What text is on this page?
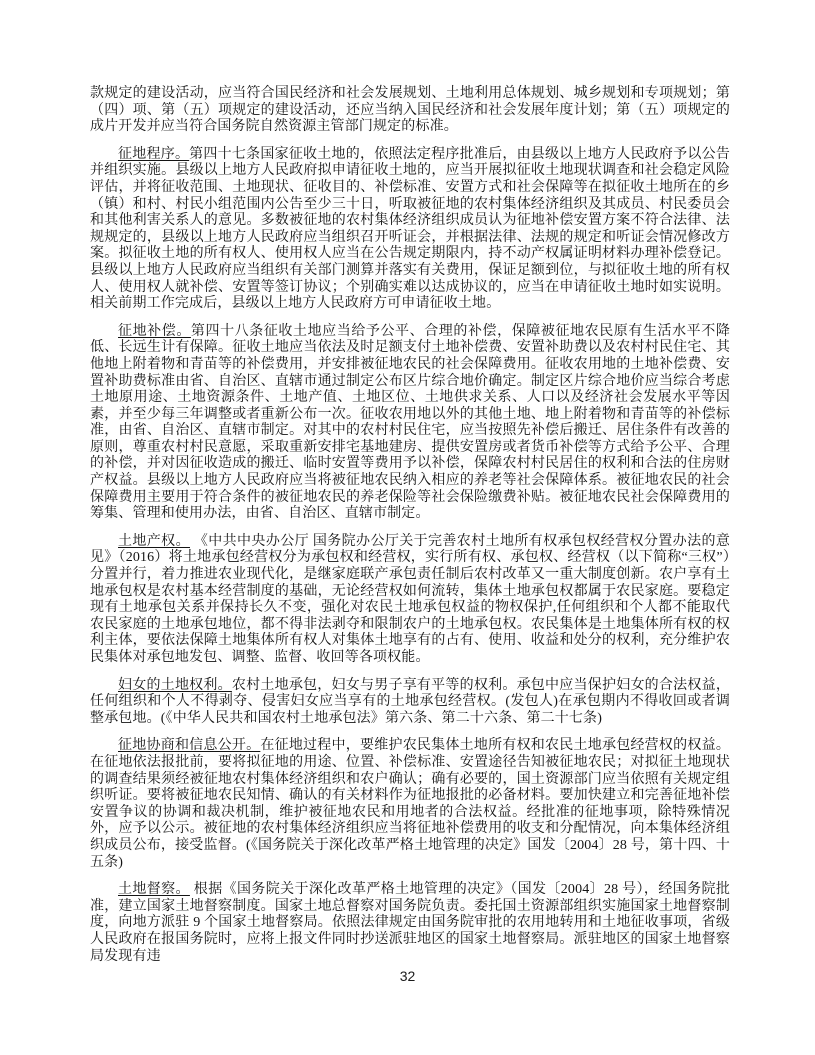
款规定的建设活动，应当符合国民经济和社会发展规划、土地利用总体规划、城乡规划和专项规划；第（四）项、第（五）项规定的建设活动，还应当纳入国民经济和社会发展年度计划；第（五）项规定的成片开发并应当符合国务院自然资源主管部门规定的标准。

征地程序。第四十七条国家征收土地的，依照法定程序批准后，由县级以上地方人民政府予以公告并组织实施。县级以上地方人民政府拟申请征收土地的，应当开展拟征收土地现状调查和社会稳定风险评估，并将征收范围、土地现状、征收目的、补偿标准、安置方式和社会保障等在拟征收土地所在的乡（镇）和村、村民小组范围内公告至少三十日，听取被征地的农村集体经济组织及其成员、村民委员会和其他利害关系人的意见。多数被征地的农村集体经济组织成员认为征地补偿安置方案不符合法律、法规规定的，县级以上地方人民政府应当组织召开听证会，并根据法律、法规的规定和听证会情况修改方案。拟征收土地的所有权人、使用权人应当在公告规定期限内，持不动产权属证明材料办理补偿登记。县级以上地方人民政府应当组织有关部门测算并落实有关费用，保证足额到位，与拟征收土地的所有权人、使用权人就补偿、安置等签订协议；个别确实难以达成协议的，应当在申请征收土地时如实说明。相关前期工作完成后，县级以上地方人民政府方可申请征收土地。

征地补偿。第四十八条征收土地应当给予公平、合理的补偿，保障被征地农民原有生活水平不降低、长远生计有保障。征收土地应当依法及时足额支付土地补偿费、安置补助费以及农村村民住宅、其他地上附着物和青苗等的补偿费用，并安排被征地农民的社会保障费用。征收农用地的土地补偿费、安置补助费标准由省、自治区、直辖市通过制定公布区片综合地价确定。制定区片综合地价应当综合考虑土地原用途、土地资源条件、土地产值、土地区位、土地供求关系、人口以及经济社会发展水平等因素，并至少每三年调整或者重新公布一次。征收农用地以外的其他土地、地上附着物和青苗等的补偿标准，由省、自治区、直辖市制定。对其中的农村村民住宅，应当按照先补偿后搬迁、居住条件有改善的原则，尊重农村村民意愿，采取重新安排宅基地建房、提供安置房或者货币补偿等方式给予公平、合理的补偿，并对因征收造成的搬迁、临时安置等费用予以补偿，保障农村村民居住的权利和合法的住房财产权益。县级以上地方人民政府应当将被征地农民纳入相应的养老等社会保障体系。被征地农民的社会保障费用主要用于符合条件的被征地农民的养老保险等社会保险缴费补贴。被征地农民社会保障费用的筹集、管理和使用办法，由省、自治区、直辖市制定。

土地产权。 《中共中央办公厅 国务院办公厅关于完善农村土地所有权承包权经营权分置办法的意见》（2016）将土地承包经营权分为承包权和经营权，实行所有权、承包权、经营权（以下简称“三权”）分置并行，着力推进农业现代化，是继家庭联产承包责任制后农村改革又一重大制度创新。农户享有土地承包权是农村基本经营制度的基础，无论经营权如何流转，集体土地承包权都属于农民家庭。要稳定现有土地承包关系并保持长久不变，强化对农民土地承包权益的物权保护,任何组织和个人都不能取代农民家庭的土地承包地位，都不得非法剥夺和限制农户的土地承包权。农民集体是土地集体所有权的权利主体，要依法保障土地集体所有权人对集体土地享有的占有、使用、收益和处分的权利，充分维护农民集体对承包地发包、调整、监督、收回等各项权能。

妇女的土地权利。农村土地承包，妇女与男子享有平等的权利。承包中应当保护妇女的合法权益，任何组织和个人不得剥夺、侵害妇女应当享有的土地承包经营权。(发包人)在承包期内不得收回或者调整承包地。(《中华人民共和国农村土地承包法》第六条、第二十六条、第二十七条)

征地协商和信息公开。在征地过程中，要维护农民集体土地所有权和农民土地承包经营权的权益。在征地依法报批前，要将拟征地的用途、位置、补偿标准、安置途径告知被征地农民；对拟征土地现状的调查结果须经被征地农村集体经济组织和农户确认；确有必要的，国土资源部门应当依照有关规定组织听证。要将被征地农民知情、确认的有关材料作为征地报批的必备材料。要加快建立和完善征地补偿安置争议的协调和裁决机制，维护被征地农民和用地者的合法权益。经批准的征地事项，除特殊情况外，应予以公示。被征地的农村集体经济组织应当将征地补偿费用的收支和分配情况，向本集体经济组织成员公布，接受监督。(《国务院关于深化改革严格土地管理的决定》国发〔2004〕28 号，第十四、十五条)

土地督察。 根据《国务院关于深化改革严格土地管理的决定》（国发〔2004〕28 号），经国务院批准，建立国家土地督察制度。国家土地总督察对国务院负责。委托国土资源部组织实施国家土地督察制度，向地方派驻 9 个国家土地督察局。依照法律规定由国务院审批的农用地转用和土地征收事项，省级人民政府在报国务院时，应将上报文件同时抄送派驻地区的国家土地督察局。派驻地区的国家土地督察局发现有违

32
